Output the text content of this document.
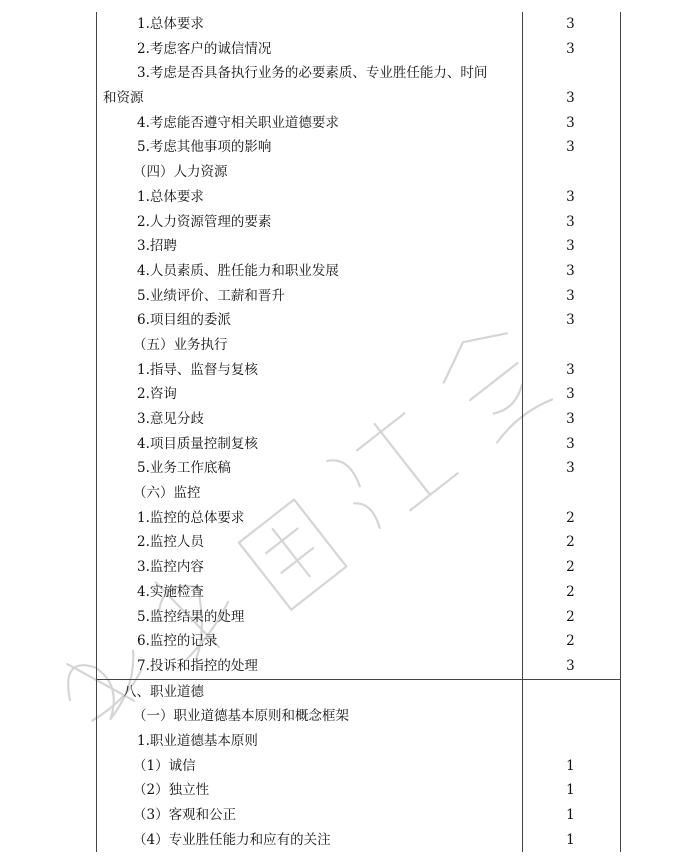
1.总体要求	3
2.考虑客户的诚信情况	3
3.考虑是否具备执行业务的必要素质、专业胜任能力、时间
和资源	3
4.考虑能否遵守相关职业道德要求	3
5.考虑其他事项的影响	3
（四）人力资源
1.总体要求	3
2.人力资源管理的要素	3
3.招聘	3
4.人员素质、胜任能力和职业发展	3
5.业绩评价、工薪和晋升	3
6.项目组的委派	3
（五）业务执行
1.指导、监督与复核	3
2.咨询	3
3.意见分歧	3
4.项目质量控制复核	3
5.业务工作底稿	3
（六）监控
1.监控的总体要求	2
2.监控人员	2
3.监控内容	2
4.实施检查	2
5.监控结果的处理	2
6.监控的记录	2
7.投诉和指控的处理	3
八、职业道德
（一）职业道德基本原则和概念框架
1.职业道德基本原则
（1）诚信	1
（2）独立性	1
（3）客观和公正	1
（4）专业胜任能力和应有的关注	1
